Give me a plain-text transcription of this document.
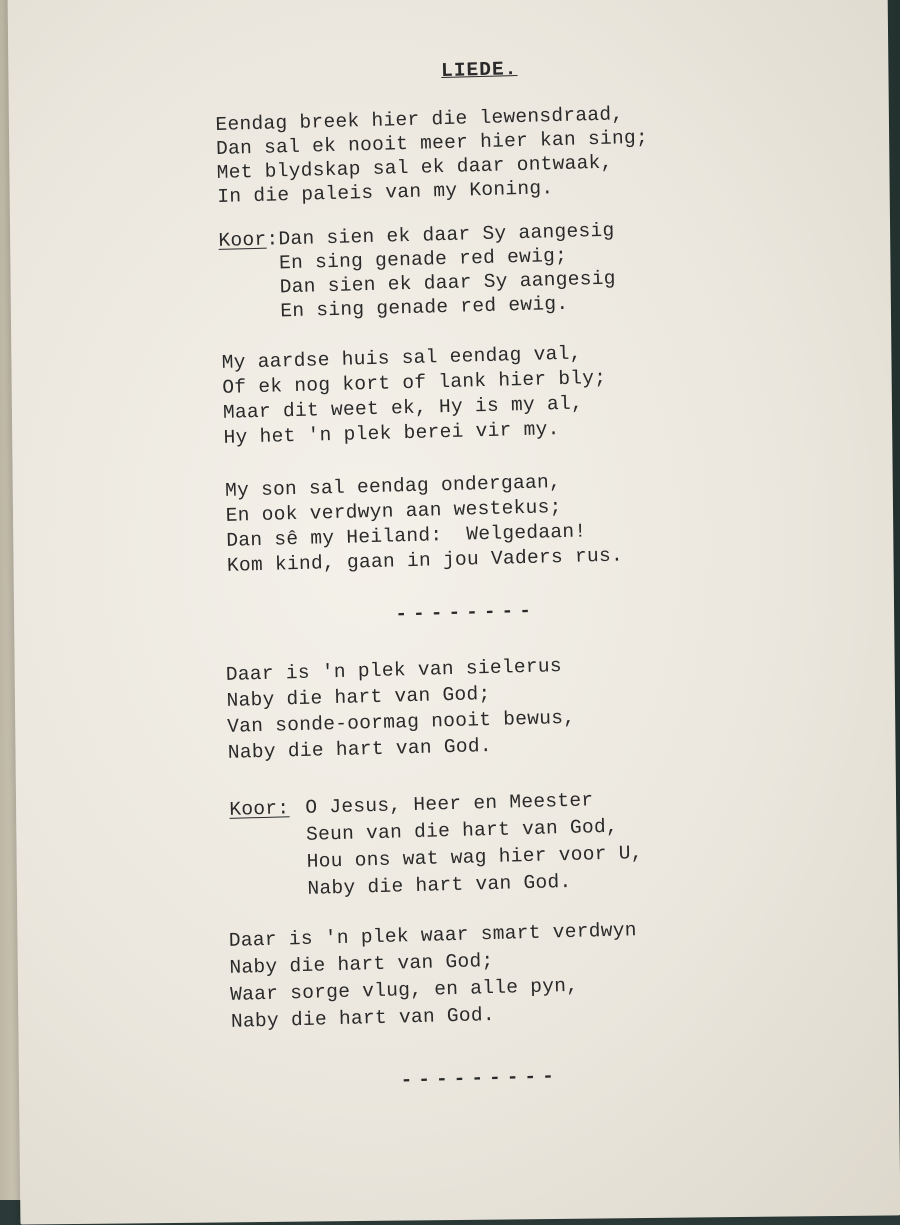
LIEDE.
Eendag breek hier die lewensdraad,
Dan sal ek nooit meer hier kan sing;
Met blydskap sal ek daar ontwaak,
In die paleis van my Koning.
Koor : Dan sien ek daar Sy aangesig
En sing genade red ewig;
Dan sien ek daar Sy aangesig
En sing genade red ewig.
My aardse huis sal eendag val,
Of ek nog kort of lank hier bly;
Maar dit weet ek, Hy is my al,
Hy het 'n plek berei vir my.
My son sal eendag ondergaan,
En ook verdwyn aan westekus;
Dan sê my Heiland:  Welgedaan!
Kom kind, gaan in jou Vaders rus.
--------
Daar is 'n plek van sielerus
Naby die hart van God;
Van sonde-oormag nooit bewus,
Naby die hart van God.
Koor: O Jesus, Heer en Meester
Seun van die hart van God,
Hou ons wat wag hier voor U,
Naby die hart van God.
Daar is 'n plek waar smart verdwyn
Naby die hart van God;
Waar sorge vlug, en alle pyn,
Naby die hart van God.
---------
